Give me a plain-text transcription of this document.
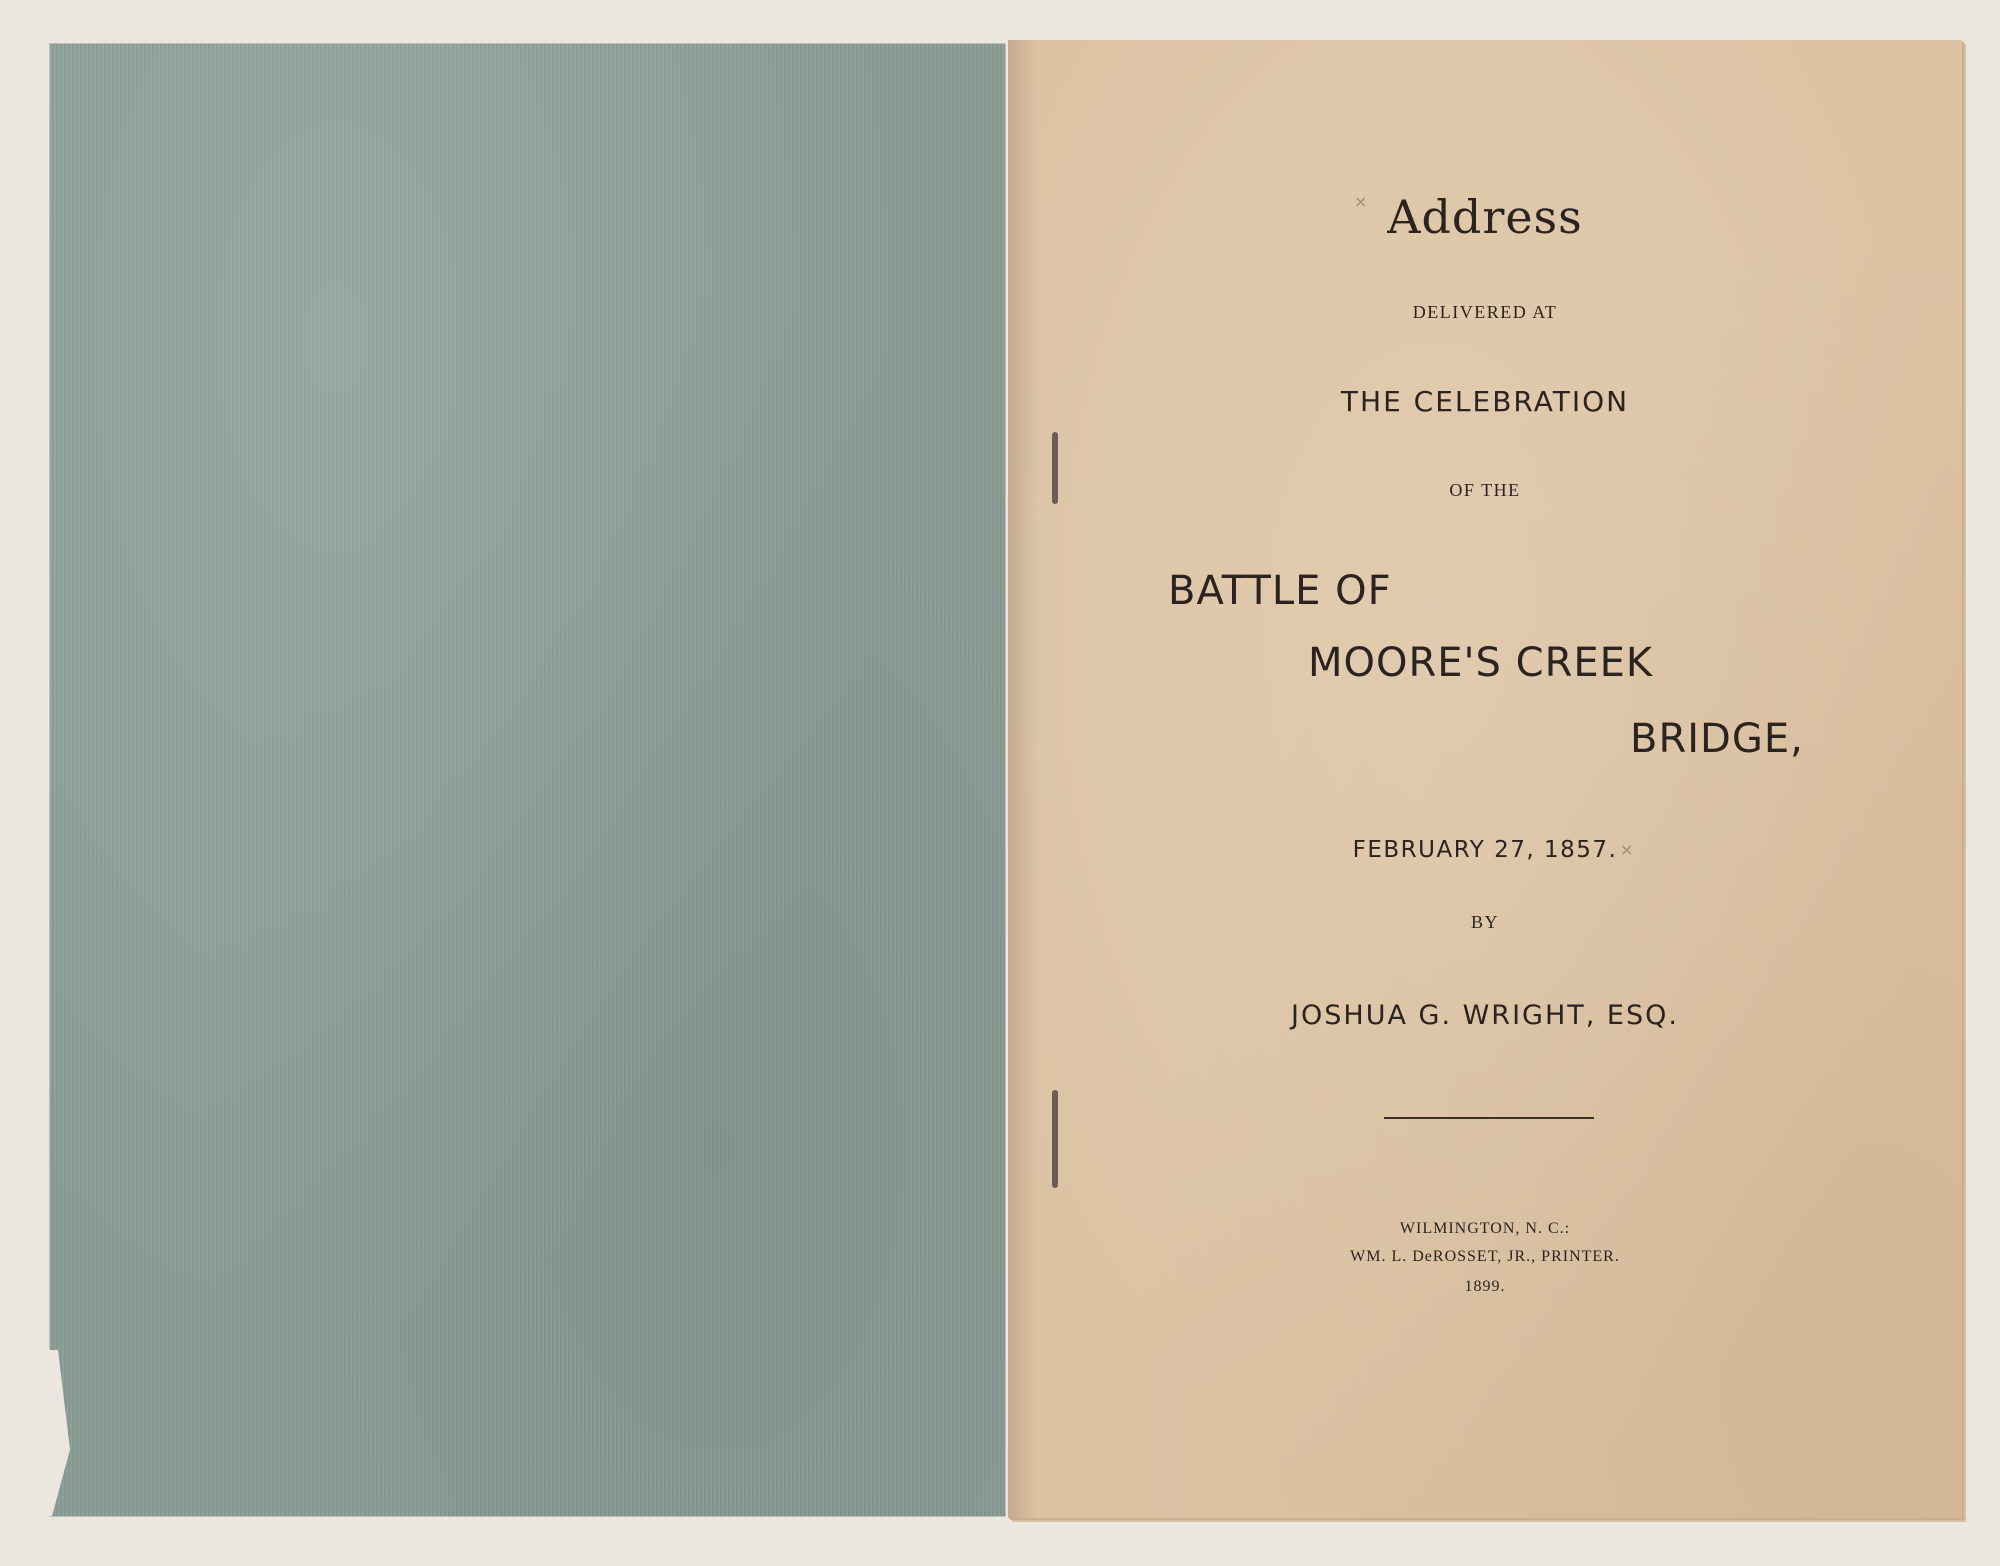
×
×
Address
DELIVERED AT
THE CELEBRATION
OF THE
BATTLE OF
MOORE'S CREEK
BRIDGE,
FEBRUARY 27, 1857.
BY
JOSHUA G. WRIGHT, ESQ.
WILMINGTON, N. C.:
WM. L. DeROSSET, JR., PRINTER.
1899.
